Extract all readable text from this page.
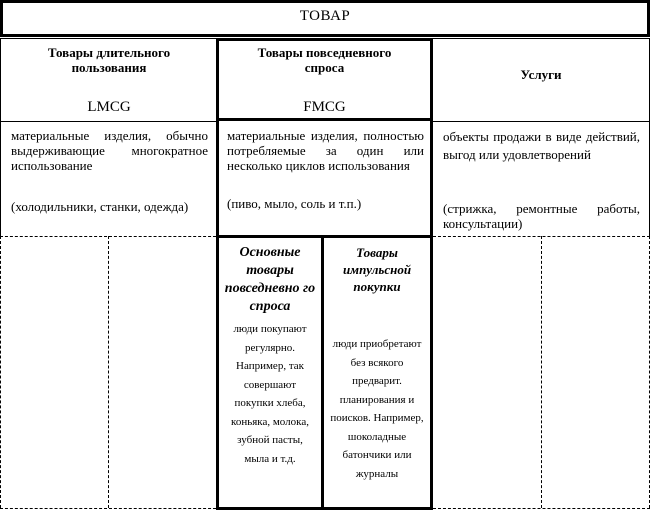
ТОВАР
Товары длительного пользования
LMCG
Товары повседневного спроса
FMCG
Услуги
материальные изделия, обычно выдерживающие многократное использование
(холодильники, станки, одежда)
материальные изделия, полностью потребляемые за один или несколько циклов использования
(пиво, мыло, соль и т.п.)
объекты продажи в виде действий, выгод или удовлетворений
(стрижка, ремонтные работы, консультации)
Основные товары повседневно го спроса
люди покупают регулярно. Например, так совершают покупки хлеба, коньяка, молока, зубной пасты, мыла и т.д.
Товары импульсной покупки
люди приобретают без всякого предварит. планирования и поисков. Например, шоколадные батончики или журналы
